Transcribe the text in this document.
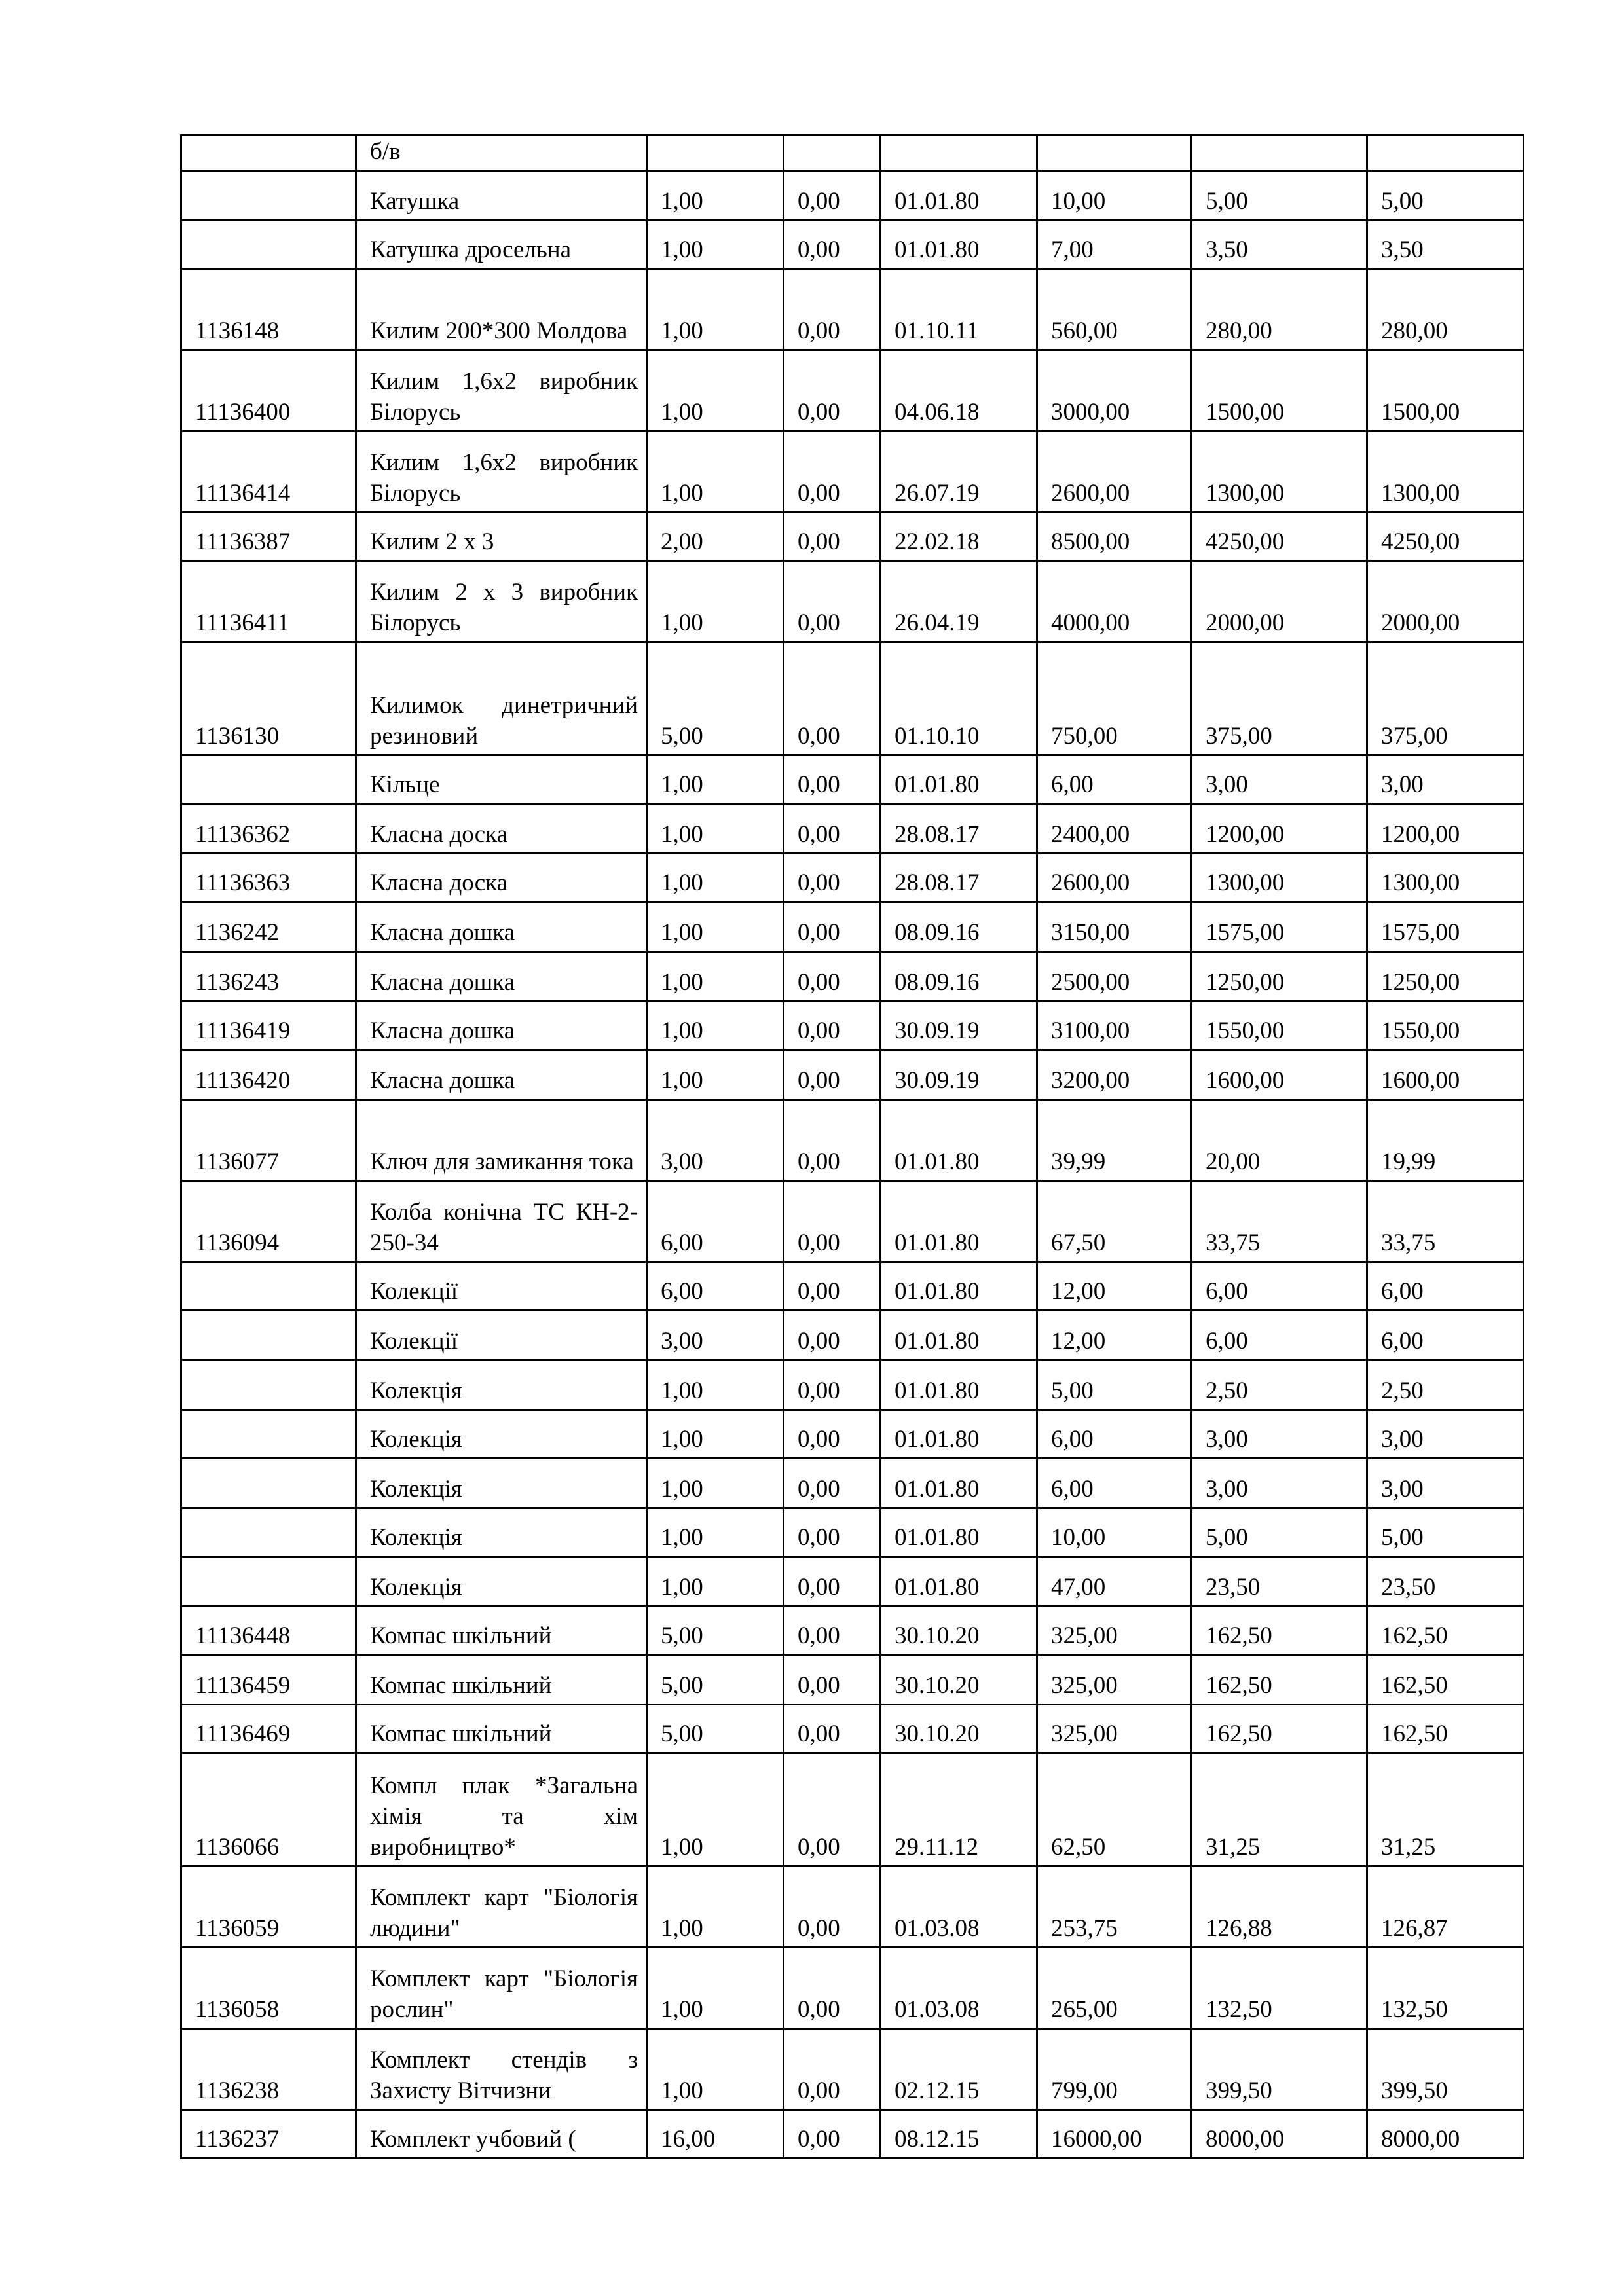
	б/в						
	Катушка	1,00	0,00	01.01.80	10,00	5,00	5,00
	Катушка дросельна	1,00	0,00	01.01.80	7,00	3,50	3,50
1136148	Килим 200*300 Молдова	1,00	0,00	01.10.11	560,00	280,00	280,00
11136400	Килим 1,6x2 виробник Білорусь	1,00	0,00	04.06.18	3000,00	1500,00	1500,00
11136414	Килим 1,6x2 виробник Білорусь	1,00	0,00	26.07.19	2600,00	1300,00	1300,00
11136387	Килим 2 х 3	2,00	0,00	22.02.18	8500,00	4250,00	4250,00
11136411	Килим 2 х 3 виробник Білорусь	1,00	0,00	26.04.19	4000,00	2000,00	2000,00
1136130	Килимок динетричний резиновий	5,00	0,00	01.10.10	750,00	375,00	375,00
	Кільце	1,00	0,00	01.01.80	6,00	3,00	3,00
11136362	Класна доска	1,00	0,00	28.08.17	2400,00	1200,00	1200,00
11136363	Класна доска	1,00	0,00	28.08.17	2600,00	1300,00	1300,00
1136242	Класна дошка	1,00	0,00	08.09.16	3150,00	1575,00	1575,00
1136243	Класна дошка	1,00	0,00	08.09.16	2500,00	1250,00	1250,00
11136419	Класна дошка	1,00	0,00	30.09.19	3100,00	1550,00	1550,00
11136420	Класна дошка	1,00	0,00	30.09.19	3200,00	1600,00	1600,00
1136077	Ключ для замикання тока	3,00	0,00	01.01.80	39,99	20,00	19,99
1136094	Колба конічна ТС КН-2-250-34	6,00	0,00	01.01.80	67,50	33,75	33,75
	Колекції	6,00	0,00	01.01.80	12,00	6,00	6,00
	Колекції	3,00	0,00	01.01.80	12,00	6,00	6,00
	Колекція	1,00	0,00	01.01.80	5,00	2,50	2,50
	Колекція	1,00	0,00	01.01.80	6,00	3,00	3,00
	Колекція	1,00	0,00	01.01.80	6,00	3,00	3,00
	Колекція	1,00	0,00	01.01.80	10,00	5,00	5,00
	Колекція	1,00	0,00	01.01.80	47,00	23,50	23,50
11136448	Компас шкільний	5,00	0,00	30.10.20	325,00	162,50	162,50
11136459	Компас шкільний	5,00	0,00	30.10.20	325,00	162,50	162,50
11136469	Компас шкільний	5,00	0,00	30.10.20	325,00	162,50	162,50
1136066	Компл плак *Загальна хімія та хім виробництво*	1,00	0,00	29.11.12	62,50	31,25	31,25
1136059	Комплект карт "Біологія людини"	1,00	0,00	01.03.08	253,75	126,88	126,87
1136058	Комплект карт "Біологія рослин"	1,00	0,00	01.03.08	265,00	132,50	132,50
1136238	Комплект стендів з Захисту Вітчизни	1,00	0,00	02.12.15	799,00	399,50	399,50
1136237	Комплект учбовий (	16,00	0,00	08.12.15	16000,00	8000,00	8000,00
